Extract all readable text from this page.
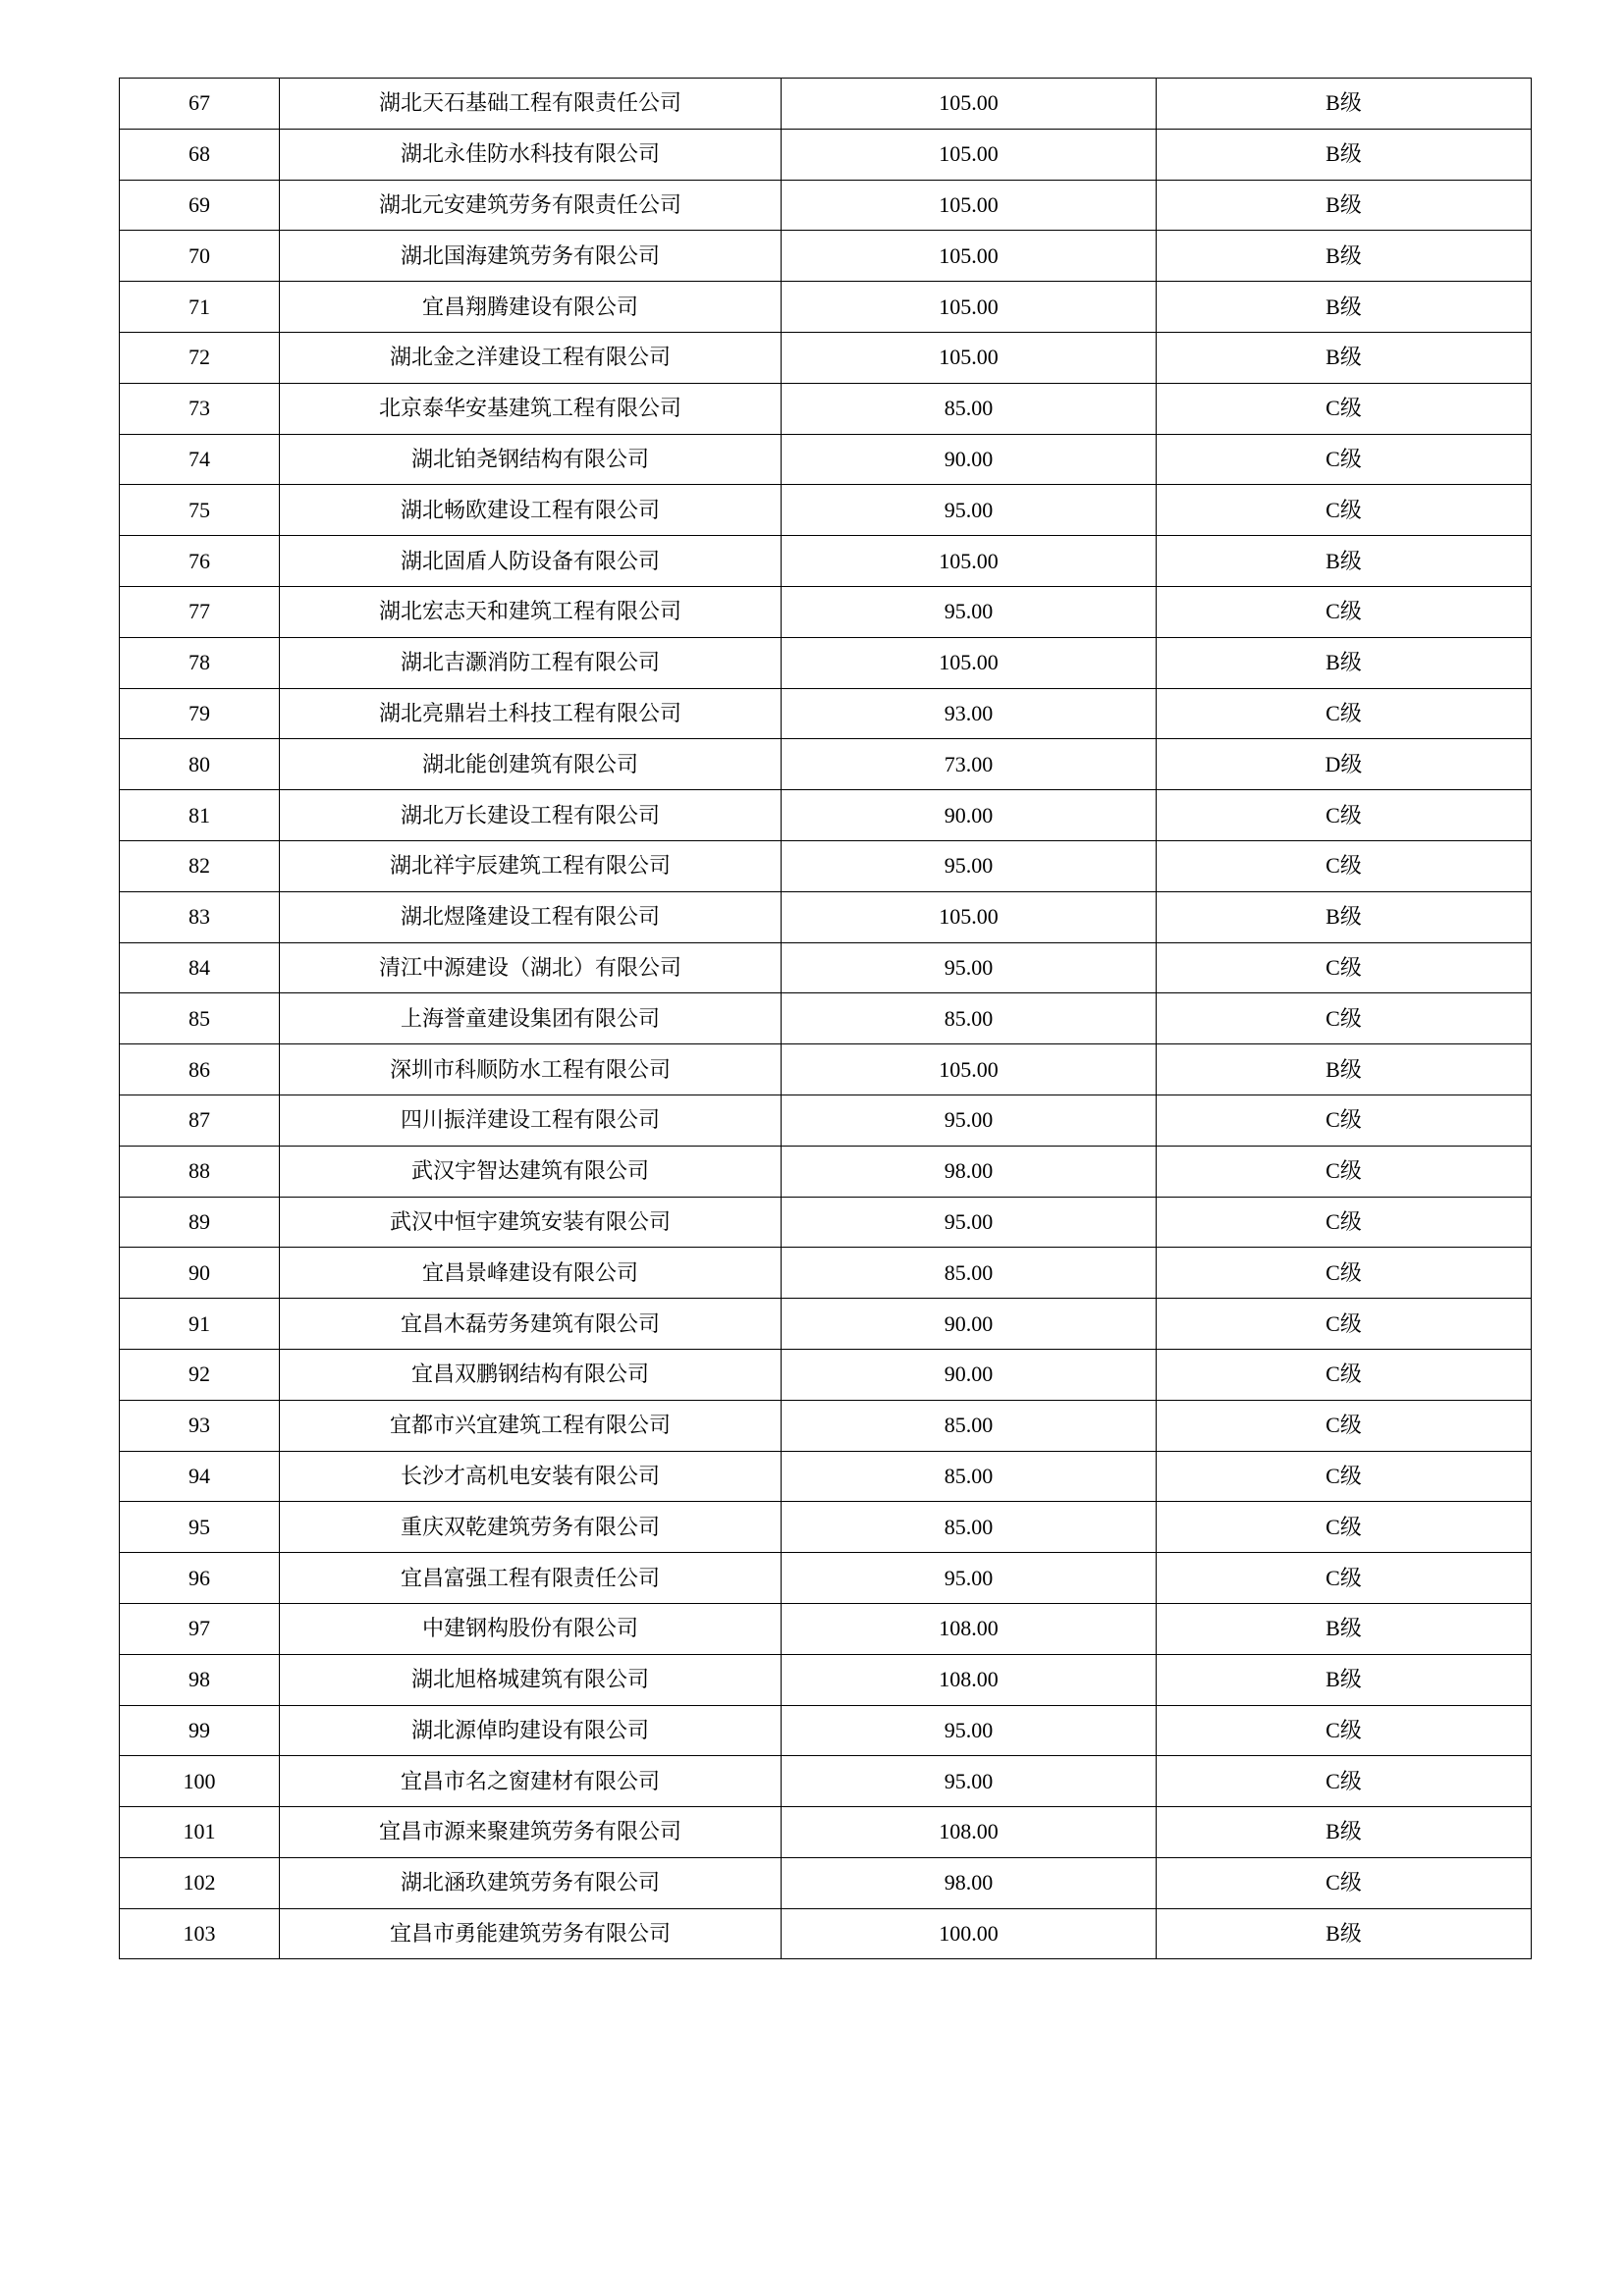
67	湖北天石基础工程有限责任公司	105.00	B级
68	湖北永佳防水科技有限公司	105.00	B级
69	湖北元安建筑劳务有限责任公司	105.00	B级
70	湖北国海建筑劳务有限公司	105.00	B级
71	宜昌翔腾建设有限公司	105.00	B级
72	湖北金之洋建设工程有限公司	105.00	B级
73	北京泰华安基建筑工程有限公司	85.00	C级
74	湖北铂尧钢结构有限公司	90.00	C级
75	湖北畅欧建设工程有限公司	95.00	C级
76	湖北固盾人防设备有限公司	105.00	B级
77	湖北宏志天和建筑工程有限公司	95.00	C级
78	湖北吉灏消防工程有限公司	105.00	B级
79	湖北亮鼎岩土科技工程有限公司	93.00	C级
80	湖北能创建筑有限公司	73.00	D级
81	湖北万长建设工程有限公司	90.00	C级
82	湖北祥宇辰建筑工程有限公司	95.00	C级
83	湖北煜隆建设工程有限公司	105.00	B级
84	清江中源建设（湖北）有限公司	95.00	C级
85	上海誉童建设集团有限公司	85.00	C级
86	深圳市科顺防水工程有限公司	105.00	B级
87	四川振洋建设工程有限公司	95.00	C级
88	武汉宇智达建筑有限公司	98.00	C级
89	武汉中恒宇建筑安装有限公司	95.00	C级
90	宜昌景峰建设有限公司	85.00	C级
91	宜昌木磊劳务建筑有限公司	90.00	C级
92	宜昌双鹏钢结构有限公司	90.00	C级
93	宜都市兴宜建筑工程有限公司	85.00	C级
94	长沙才高机电安装有限公司	85.00	C级
95	重庆双乾建筑劳务有限公司	85.00	C级
96	宜昌富强工程有限责任公司	95.00	C级
97	中建钢构股份有限公司	108.00	B级
98	湖北旭格城建筑有限公司	108.00	B级
99	湖北源倬昀建设有限公司	95.00	C级
100	宜昌市名之窗建材有限公司	95.00	C级
101	宜昌市源来聚建筑劳务有限公司	108.00	B级
102	湖北涵玖建筑劳务有限公司	98.00	C级
103	宜昌市勇能建筑劳务有限公司	100.00	B级
